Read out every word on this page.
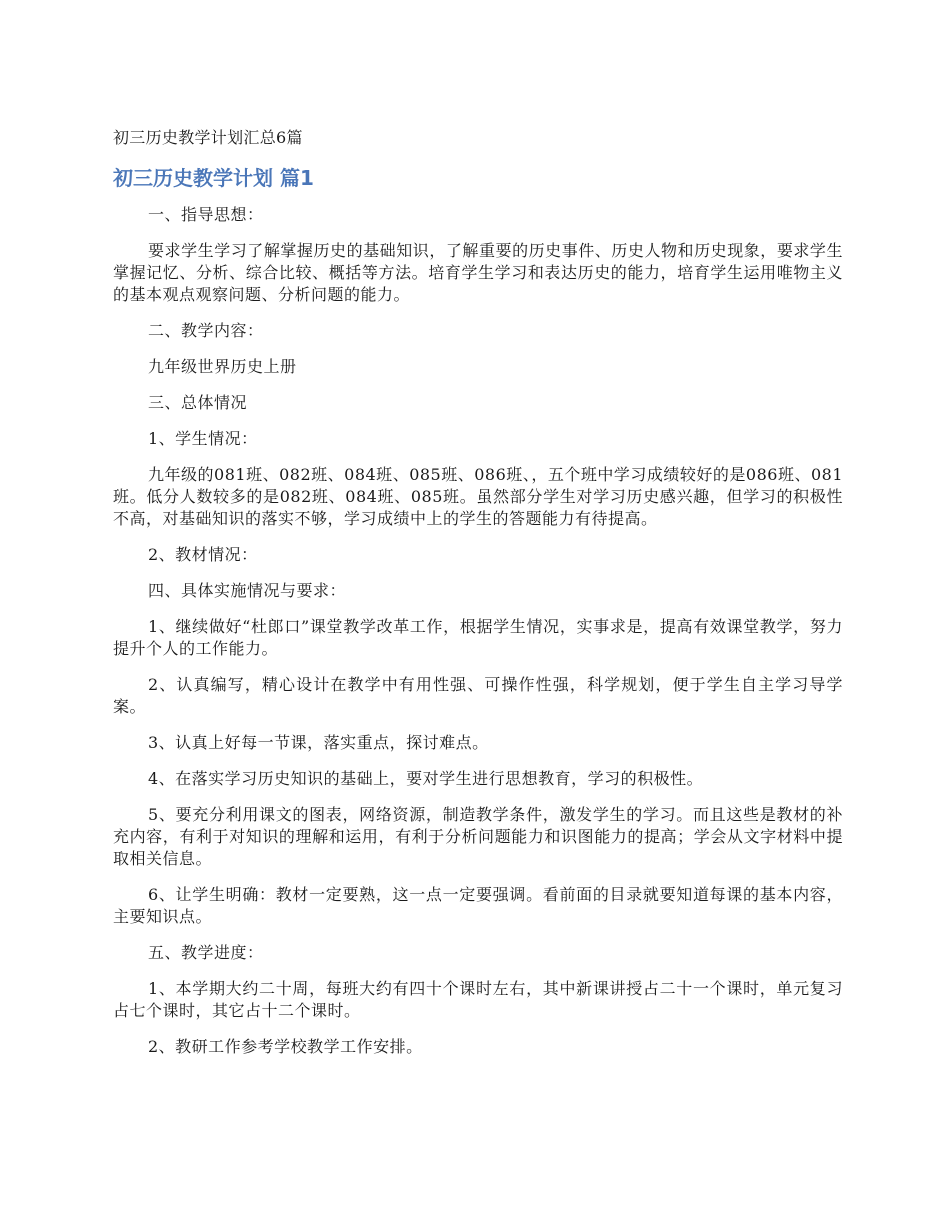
初三历史教学计划汇总6篇
初三历史教学计划 篇1

一、指导思想：

要求学生学习了解掌握历史的基础知识，了解重要的历史事件、历史人物和历史现象，要求学生掌握记忆、分析、综合比较、概括等方法。培育学生学习和表达历史的能力，培育学生运用唯物主义的基本观点观察问题、分析问题的能力。

二、教学内容：

九年级世界历史上册

三、总体情况

1、学生情况：

九年级的081班、082班、084班、085班、086班、，五个班中学习成绩较好的是086班、081班。低分人数较多的是082班、084班、085班。虽然部分学生对学习历史感兴趣，但学习的积极性不高，对基础知识的落实不够，学习成绩中上的学生的答题能力有待提高。

2、教材情况：

四、具体实施情况与要求：

1、继续做好“杜郎口”课堂教学改革工作，根据学生情况，实事求是，提高有效课堂教学，努力提升个人的工作能力。

2、认真编写，精心设计在教学中有用性强、可操作性强，科学规划，便于学生自主学习导学案。

3、认真上好每一节课，落实重点，探讨难点。

4、在落实学习历史知识的基础上，要对学生进行思想教育，学习的积极性。

5、要充分利用课文的图表，网络资源，制造教学条件，激发学生的学习。而且这些是教材的补充内容，有利于对知识的理解和运用，有利于分析问题能力和识图能力的提高；学会从文字材料中提取相关信息。

6、让学生明确：教材一定要熟，这一点一定要强调。看前面的目录就要知道每课的基本内容，主要知识点。

五、教学进度：

1、本学期大约二十周，每班大约有四十个课时左右，其中新课讲授占二十一个课时，单元复习占七个课时，其它占十二个课时。

2、教研工作参考学校教学工作安排。
